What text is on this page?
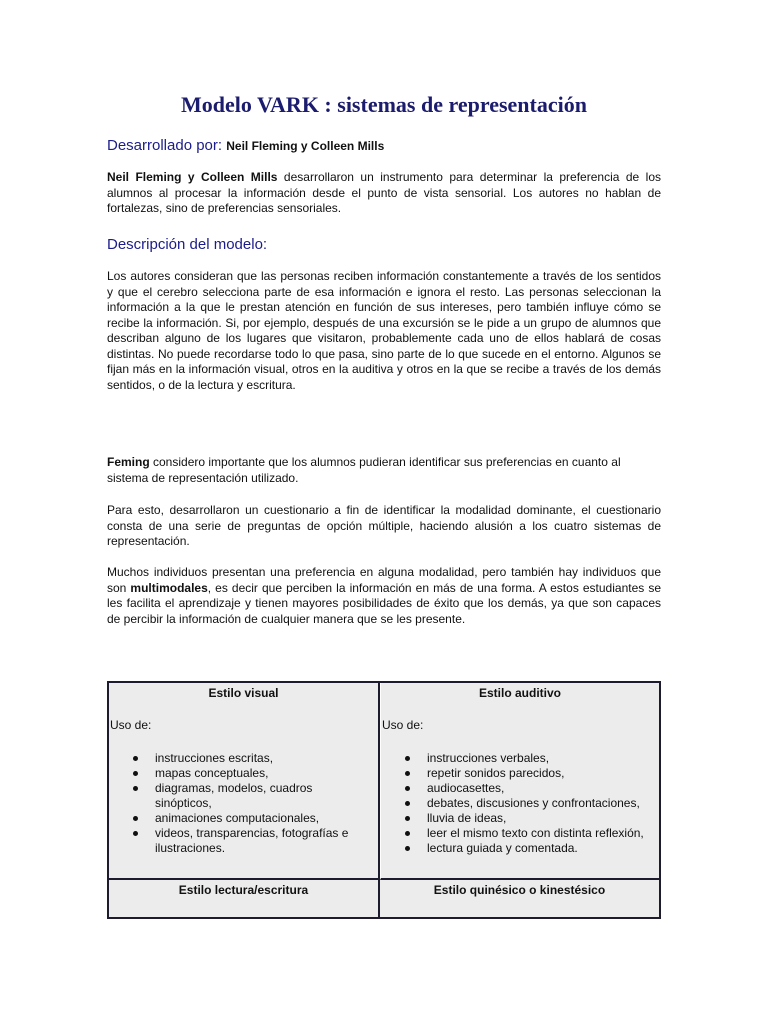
Modelo VARK : sistemas de representación
Desarrollado por: Neil Fleming y Colleen Mills

Neil Fleming y Colleen Mills desarrollaron un instrumento para determinar la preferencia de los alumnos al procesar la información desde el punto de vista sensorial. Los autores no hablan de fortalezas, sino de preferencias sensoriales.

Descripción del modelo:

Los autores consideran que las personas reciben información constantemente a través de los sentidos y que el cerebro selecciona parte de esa información e ignora el resto. Las personas seleccionan la información a la que le prestan atención en función de sus intereses, pero también influye cómo se recibe la información. Si, por ejemplo, después de una excursión se le pide a un grupo de alumnos que describan alguno de los lugares que visitaron, probablemente cada uno de ellos hablará de cosas distintas. No puede recordarse todo lo que pasa, sino parte de lo que sucede en el entorno. Algunos se fijan más en la información visual, otros en la auditiva y otros en la que se recibe a través de los demás sentidos, o de la lectura y escritura.

Feming considero importante que los alumnos pudieran identificar sus preferencias en cuanto al sistema de representación utilizado.

Para esto, desarrollaron un cuestionario a fin de identificar la modalidad dominante, el cuestionario consta de una serie de preguntas de opción múltiple, haciendo alusión a los cuatro sistemas de representación.

Muchos individuos presentan una preferencia en alguna modalidad, pero también hay individuos que son multimodales, es decir que perciben la información en más de una forma. A estos estudiantes se les facilita el aprendizaje y tienen mayores posibilidades de éxito que los demás, ya que son capaces de percibir la información de cualquier manera que se les presente.

Estilo visual

Uso de:

instrucciones escritas,
mapas conceptuales,
diagramas, modelos, cuadros sinópticos,
animaciones computacionales,
videos, transparencias, fotografías e ilustraciones.

Estilo auditivo

Uso de:

instrucciones verbales,
repetir sonidos parecidos,
audiocasettes,
debates, discusiones y confrontaciones,
lluvia de ideas,
leer el mismo texto con distinta reflexión,
lectura guiada y comentada.

Estilo lectura/escritura	Estilo quinésico o kinestésico
